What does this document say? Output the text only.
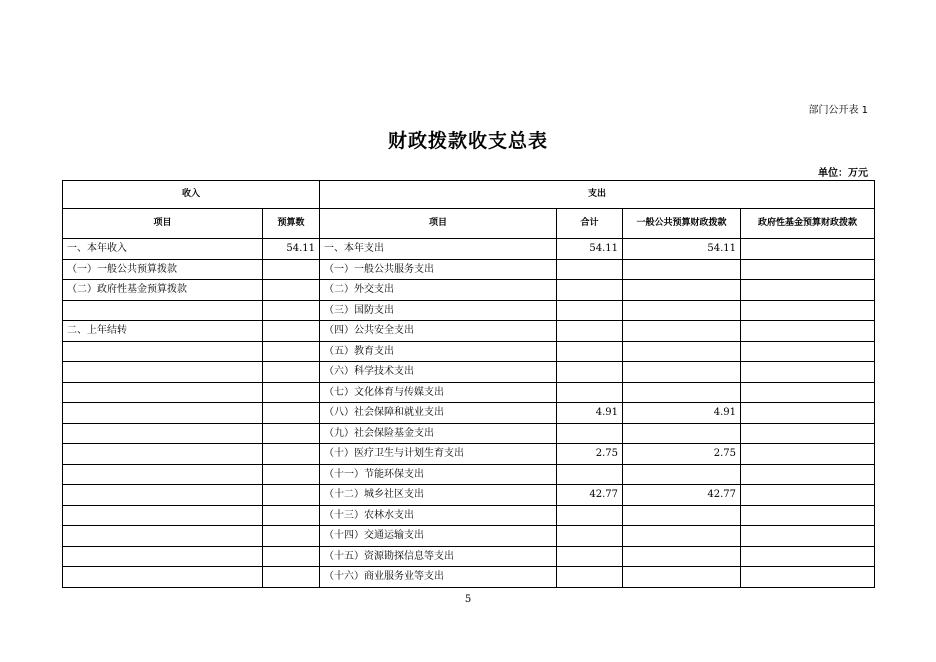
部门公开表 1
财政拨款收支总表
单位：万元
收入		支出			
项目	预算数	项目	合计	一般公共预算财政拨款	政府性基金预算财政拨款
一、本年收入	54.11	一、本年支出	54.11	54.11	
（一）一般公共预算拨款		（一）一般公共服务支出			
（二）政府性基金预算拨款		（二）外交支出			
		（三）国防支出			
二、上年结转		（四）公共安全支出			
		（五）教育支出			
		（六）科学技术支出			
		（七）文化体育与传媒支出			
		（八）社会保障和就业支出	4.91	4.91	
		（九）社会保险基金支出			
		（十）医疗卫生与计划生育支出	2.75	2.75	
		（十一）节能环保支出			
		（十二）城乡社区支出	42.77	42.77	
		（十三）农林水支出			
		（十四）交通运输支出			
		（十五）资源勘探信息等支出			
		（十六）商业服务业等支出			
5
